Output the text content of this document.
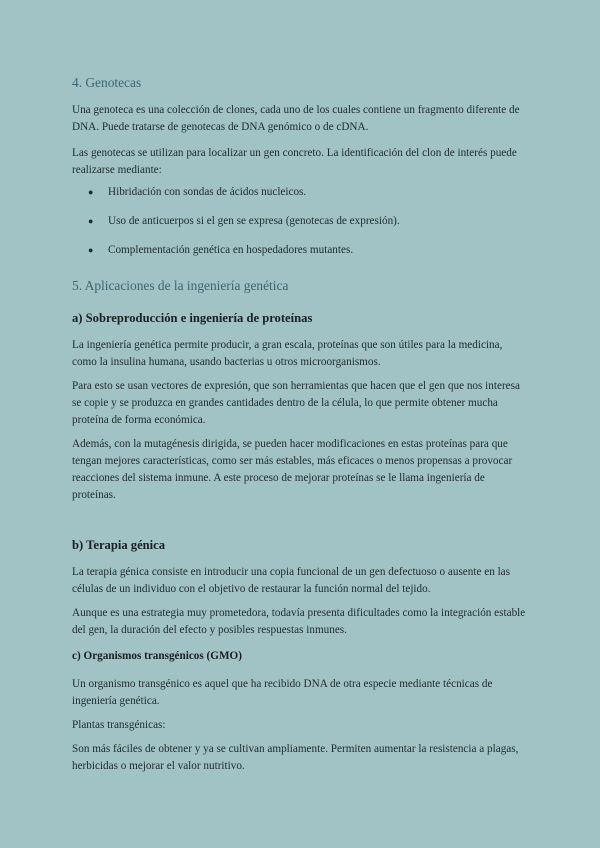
4. Genotecas

Una genoteca es una colección de clones, cada uno de los cuales contiene un fragmento diferente de DNA. Puede tratarse de genotecas de DNA genómico o de cDNA.

Las genotecas se utilizan para localizar un gen concreto. La identificación del clon de interés puede realizarse mediante:

● Hibridación con sondas de ácidos nucleicos.
● Uso de anticuerpos si el gen se expresa (genotecas de expresión).
● Complementación genética en hospedadores mutantes.
5. Aplicaciones de la ingeniería genética
a) Sobreproducción e ingeniería de proteínas

La ingeniería genética permite producir, a gran escala, proteínas que son útiles para la medicina, como la insulina humana, usando bacterias u otros microorganismos.

Para esto se usan vectores de expresión, que son herramientas que hacen que el gen que nos interesa se copie y se produzca en grandes cantidades dentro de la célula, lo que permite obtener mucha proteína de forma económica.

Además, con la mutagénesis dirigida, se pueden hacer modificaciones en estas proteínas para que tengan mejores características, como ser más estables, más eficaces o menos propensas a provocar reacciones del sistema inmune. A este proceso de mejorar proteínas se le llama ingeniería de proteínas.

b) Terapia génica

La terapia génica consiste en introducir una copia funcional de un gen defectuoso o ausente en las células de un individuo con el objetivo de restaurar la función normal del tejido.

Aunque es una estrategia muy prometedora, todavía presenta dificultades como la integración estable del gen, la duración del efecto y posibles respuestas inmunes.

c) Organismos transgénicos (GMO)

Un organismo transgénico es aquel que ha recibido DNA de otra especie mediante técnicas de ingeniería genética.

Plantas transgénicas:

Son más fáciles de obtener y ya se cultivan ampliamente. Permiten aumentar la resistencia a plagas, herbicidas o mejorar el valor nutritivo.
